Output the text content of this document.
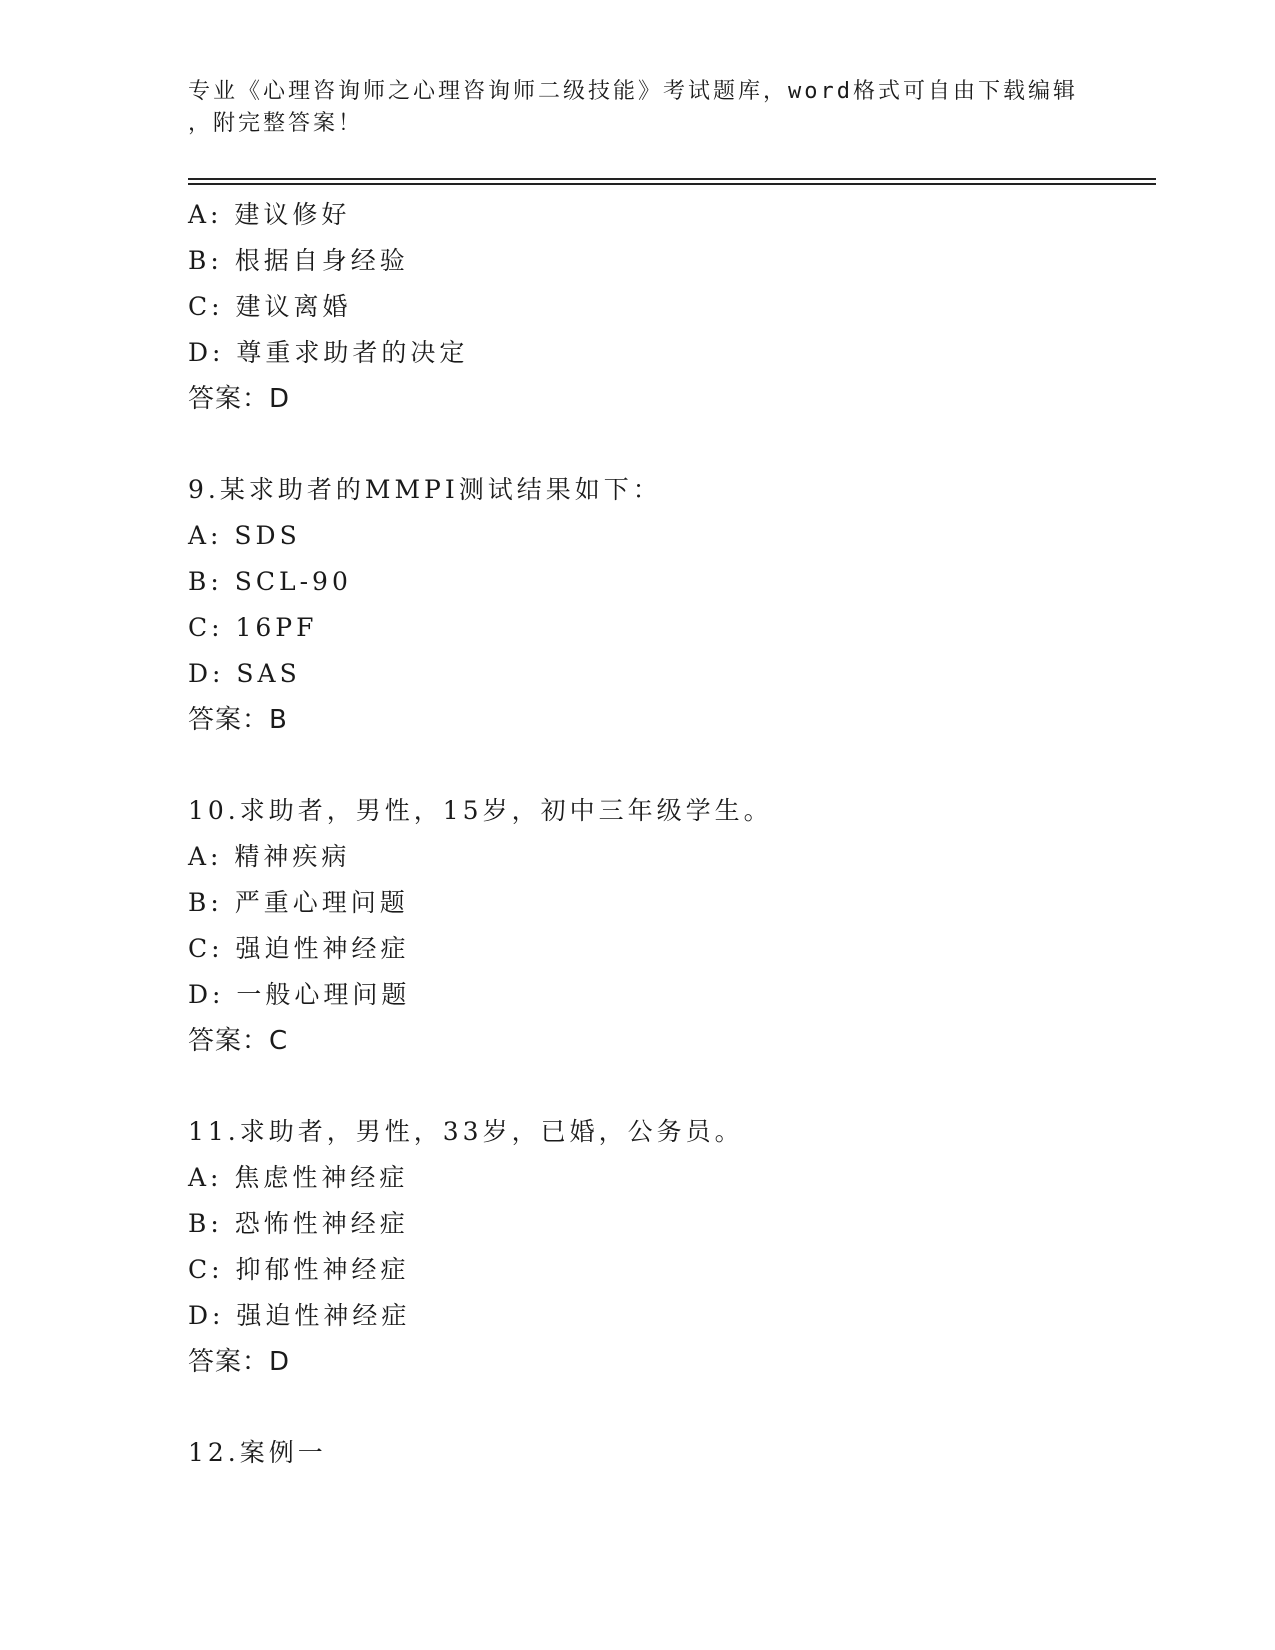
专业《心理咨询师之心理咨询师二级技能》考试题库，word格式可自由下载编辑
，附完整答案！
A: 建议修好
B: 根据自身经验
C: 建议离婚
D: 尊重求助者的决定
答案：D
9.某求助者的MMPI测试结果如下：
A: SDS
B: SCL-90
C: 16PF
D: SAS
答案：B
10.求助者，男性，15岁，初中三年级学生。
A: 精神疾病
B: 严重心理问题
C: 强迫性神经症
D: 一般心理问题
答案：C
11.求助者，男性，33岁，已婚，公务员。
A: 焦虑性神经症
B: 恐怖性神经症
C: 抑郁性神经症
D: 强迫性神经症
答案：D
12.案例一
